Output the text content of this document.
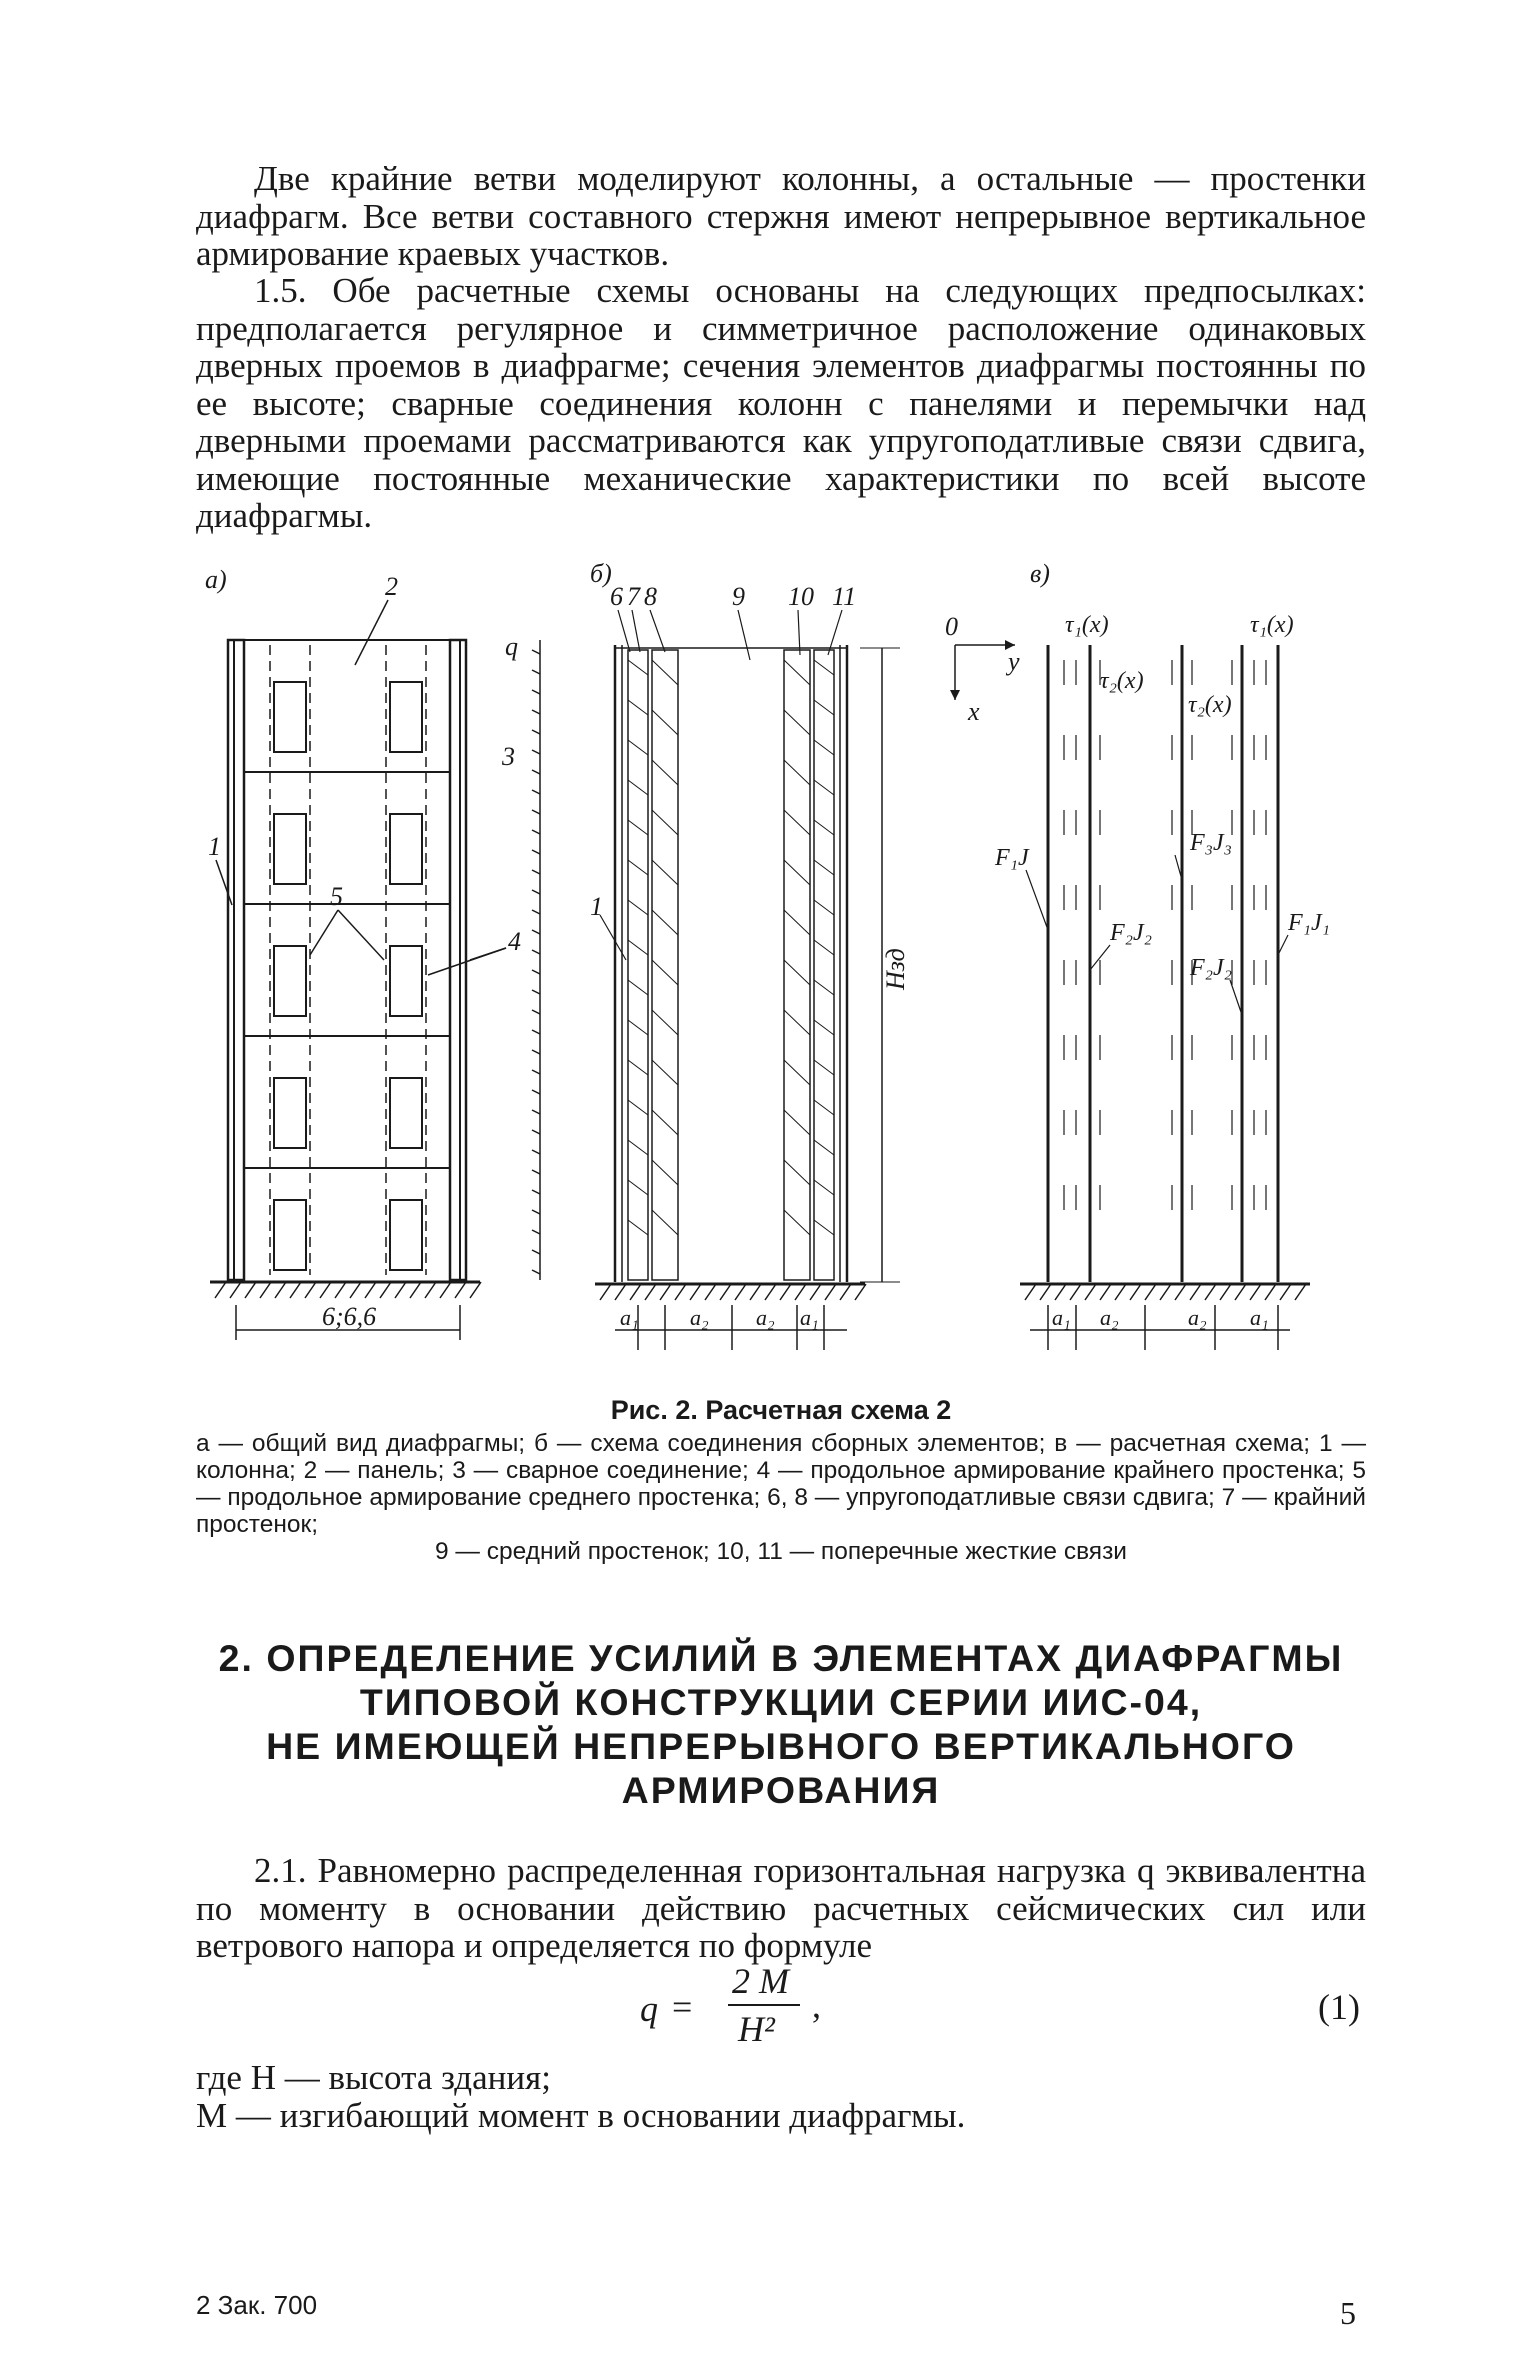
Две крайние ветви моделируют колонны, а остальные — простенки диафрагм. Все ветви составного стержня имеют непрерывное вертикальное армирование краевых участков.

1.5. Обе расчетные схемы основаны на следующих предпосылках: предполагается регулярное и симметричное расположение одинаковых дверных проемов в диафрагме; сечения элементов диафрагмы постоянны по ее высоте; сварные соединения колонн с панелями и перемычки над дверными проемами рассматриваются как упругоподатливые связи сдвига, имеющие постоянные механические характеристики по всей высоте диафрагмы.

а)	2
3
1
5
4
q
6;6,6
б)
6 7 8	9 10 11
1
Hзд
a₁ a₂ a₂ a₁
в)
0
y
x
τ₁(x)
τ₂(x)
τ₂(x)
τ₁(x)
F₁J
F₂J₂
F₃J₃
F₂J₂
F₁J₁
a₁ a₂	a₂ a₁

Рис. 2. Расчетная схема 2

а — общий вид диафрагмы; б — схема соединения сборных элементов; в — расчетная схема; 1 — колонна; 2 — панель; 3 — сварное соединение; 4 — продольное армирование крайнего простенка; 5 — продольное армирование среднего простенка; 6, 8 — упругоподатливые связи сдвига; 7 — крайний простенок;
9 — средний простенок; 10, 11 — поперечные жесткие связи

2. ОПРЕДЕЛЕНИЕ УСИЛИЙ В ЭЛЕМЕНТАХ ДИАФРАГМЫ
ТИПОВОЙ КОНСТРУКЦИИ СЕРИИ ИИС-04,
НЕ ИМЕЮЩЕЙ НЕПРЕРЫВНОГО ВЕРТИКАЛЬНОГО
АРМИРОВАНИЯ

2.1. Равномерно распределенная горизонтальная нагрузка q эквивалентна по моменту в основании действию расчетных сейсмических сил или ветрового напора и определяется по формуле

q =
2 M
H²
,	(1)

где H — высота здания;

M — изгибающий момент в основании диафрагмы.

2 Зак. 700	5
